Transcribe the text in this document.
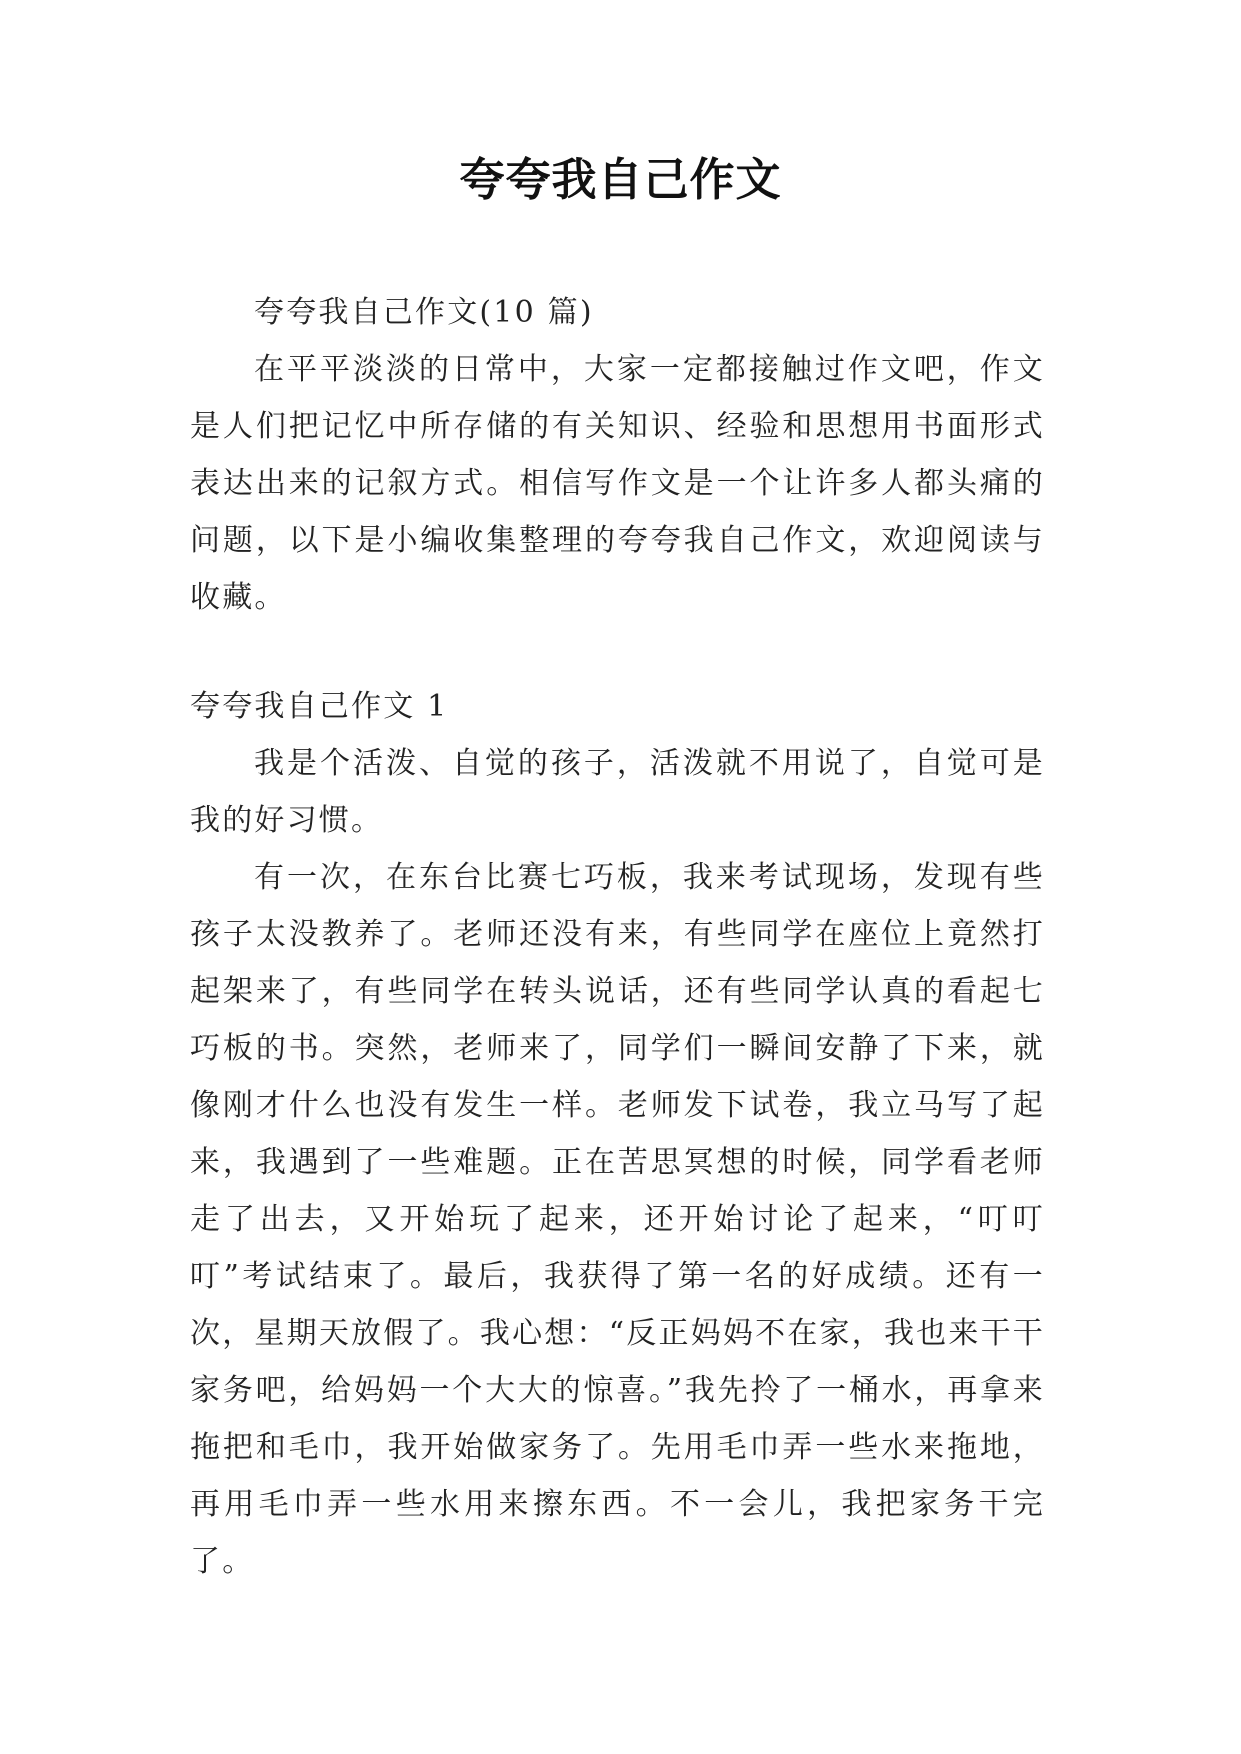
夸夸我自己作文

夸夸我自己作文(10 篇)

在平平淡淡的日常中，大家一定都接触过作文吧，作文是人们把记忆中所存储的有关知识、经验和思想用书面形式表达出来的记叙方式。相信写作文是一个让许多人都头痛的问题，以下是小编收集整理的夸夸我自己作文，欢迎阅读与收藏。

夸夸我自己作文 1

我是个活泼、自觉的孩子，活泼就不用说了，自觉可是我的好习惯。

有一次，在东台比赛七巧板，我来考试现场，发现有些孩子太没教养了。老师还没有来，有些同学在座位上竟然打起架来了，有些同学在转头说话，还有些同学认真的看起七巧板的书。突然，老师来了，同学们一瞬间安静了下来，就像刚才什么也没有发生一样。老师发下试卷，我立马写了起来，我遇到了一些难题。正在苦思冥想的时候，同学看老师走了出去，又开始玩了起来，还开始讨论了起来，“叮叮叮”考试结束了。最后，我获得了第一名的好成绩。还有一次，星期天放假了。我心想：“反正妈妈不在家，我也来干干家务吧，给妈妈一个大大的惊喜。”我先拎了一桶水，再拿来拖把和毛巾，我开始做家务了。先用毛巾弄一些水来拖地，再用毛巾弄一些水用来擦东西。不一会儿，我把家务干完了。
